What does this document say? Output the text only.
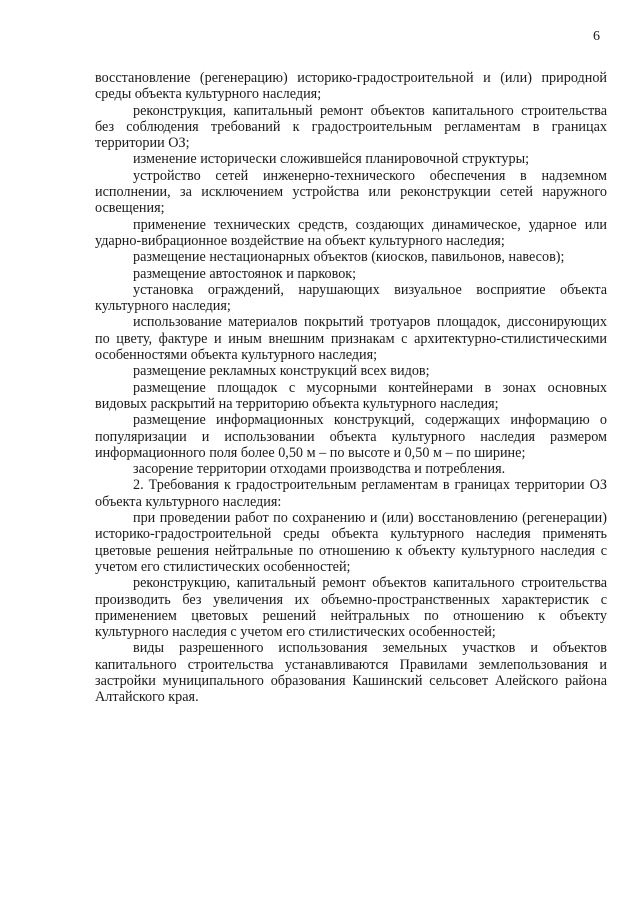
6

восстановление (регенерацию) историко-градостроительной и (или) природной среды объекта культурного наследия;

реконструкция, капитальный ремонт объектов капитального строительства без соблюдения требований к градостроительным регламентам в границах территории ОЗ;

изменение исторически сложившейся планировочной структуры;

устройство сетей инженерно-технического обеспечения в надземном исполнении, за исключением устройства или реконструкции сетей наружного освещения;

применение технических средств, создающих динамическое, ударное или ударно-вибрационное воздействие на объект культурного наследия;

размещение нестационарных объектов (киосков, павильонов, навесов);

размещение автостоянок и парковок;

установка ограждений, нарушающих визуальное восприятие объекта культурного наследия;

использование материалов покрытий тротуаров площадок, диссонирующих по цвету, фактуре и иным внешним признакам с архитектурно-стилистическими особенностями объекта культурного наследия;

размещение рекламных конструкций всех видов;

размещение площадок с мусорными контейнерами в зонах основных видовых раскрытий на территорию объекта культурного наследия;

размещение информационных конструкций, содержащих информацию о популяризации и использовании объекта культурного наследия размером информационного поля более 0,50 м – по высоте и 0,50 м – по ширине;

засорение территории отходами производства и потребления.

2. Требования к градостроительным регламентам в границах территории ОЗ объекта культурного наследия:

при проведении работ по сохранению и (или) восстановлению (регенерации) историко-градостроительной среды объекта культурного наследия применять цветовые решения нейтральные по отношению к объекту культурного наследия с учетом его стилистических особенностей;

реконструкцию, капитальный ремонт объектов капитального строительства производить без увеличения их объемно-пространственных характеристик с применением цветовых решений нейтральных по отношению к объекту культурного наследия с учетом его стилистических особенностей;

виды разрешенного использования земельных участков и объектов капитального строительства устанавливаются Правилами землепользования и застройки муниципального образования Кашинский сельсовет Алейского района Алтайского края.
